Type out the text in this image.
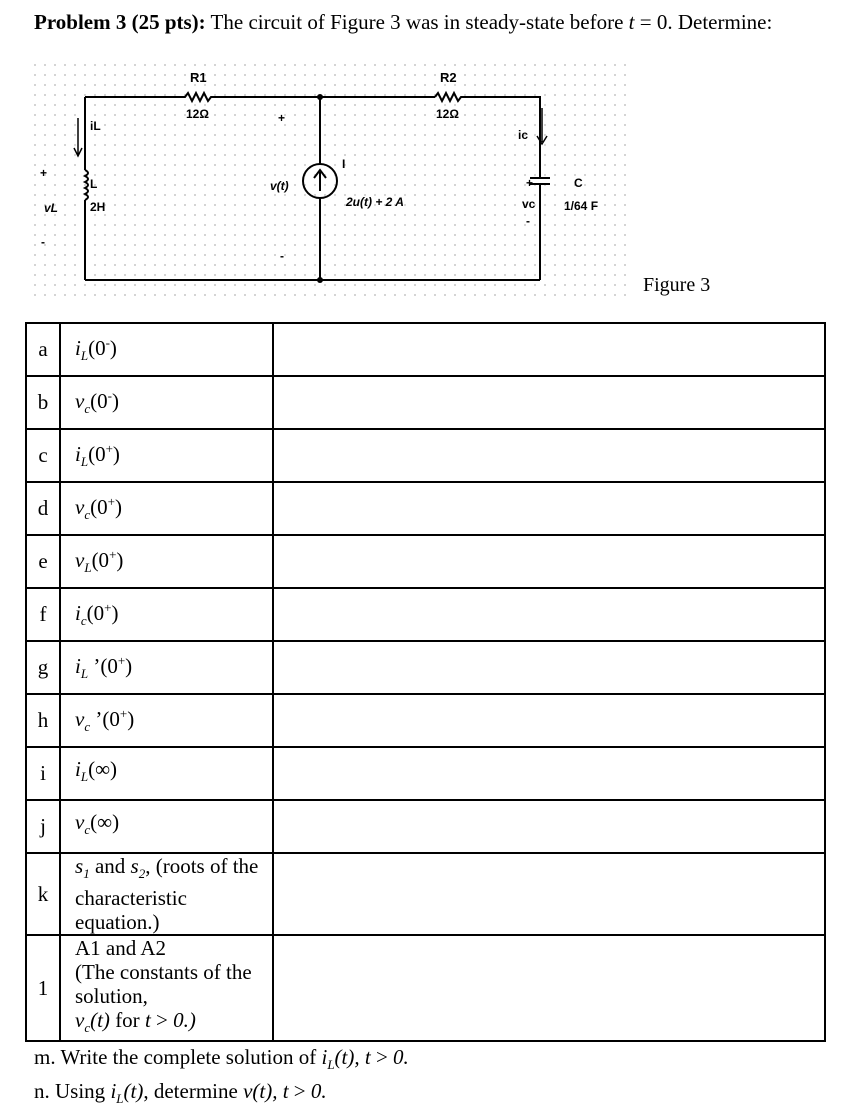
Problem 3 (25 pts): The circuit of Figure 3 was in steady-state before t = 0. Determine:
R1
12Ω
R2
12Ω
iL
+
L
2H
vL
-
+
v(t)
-
I
2u(t) + 2 A
ic
+
vc
-
C
1/64 F
Figure 3
a	$i_L(0^-)$	
b	$v_c(0^-)$	
c	$i_L(0^+)$	
d	$v_c(0^+)$	
e	$v_L(0^+)$	
f	$i_c(0^+)$	
g	$i_L$ ’(0+)	
h	$v_c$ ’(0+)	
i	$i_L(\infty)$	
j	$v_c(\infty)$	
k	$s_1$ and $s_2$, (roots of the characteristic equation.)	
1	A1 and A2
(The constants of the solution,
$v_c(t)$ for t > 0.)	
m. Write the complete solution of $i_L(t)$, t > 0.
n. Using $i_L(t)$, determine v(t), t > 0.
